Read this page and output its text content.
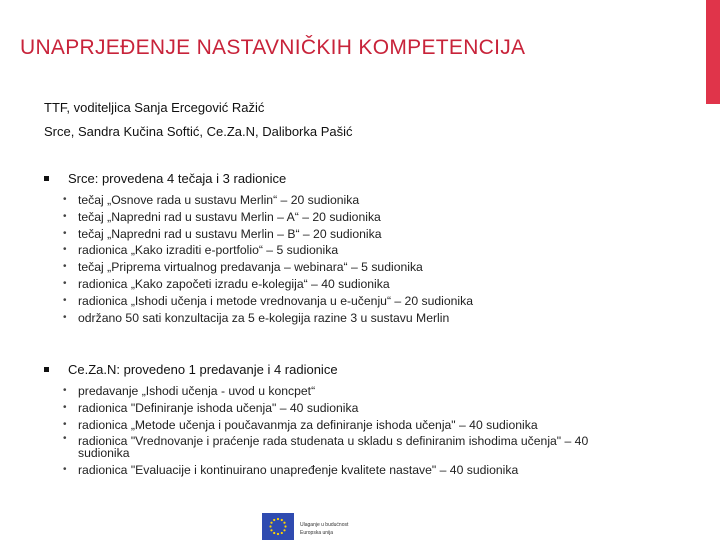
UNAPRJEĐENJE NASTAVNIČKIH KOMPETENCIJA
TTF, voditeljica Sanja Ercegović Ražić
Srce, Sandra Kučina Softić, Ce.Za.N, Daliborka Pašić
Srce: provedena 4 tečaja i 3 radionice
• tečaj „Osnove rada u sustavu Merlin“ – 20 sudionika
• tečaj „Napredni rad u sustavu Merlin – A“ – 20 sudionika
• tečaj „Napredni rad u sustavu Merlin – B“ – 20 sudionika
• radionica „Kako izraditi e-portfolio“ – 5 sudionika
• tečaj „Priprema virtualnog predavanja – webinara“ – 5 sudionika
• radionica „Kako započeti izradu e-kolegija“ – 40 sudionika
• radionica „Ishodi učenja i metode vrednovanja u e-učenju“ – 20 sudionika
• održano 50 sati konzultacija za 5 e-kolegija razine 3 u sustavu Merlin
Ce.Za.N: provedeno 1 predavanje i 4 radionice
• predavanje „Ishodi učenja - uvod u koncpet“
• radionica "Definiranje ishoda učenja" – 40 sudionika
• radionica „Metode učenja i poučavanmja za definiranje ishoda učenja" – 40 sudionika
• radionica "Vrednovanje i praćenje rada studenata u skladu s definiranim ishodima učenja" – 40 sudionika
• radionica "Evaluacije i kontinuirano unapređenje kvalitete nastave" – 40 sudionika
Ulaganje u budućnost
Europska unija
